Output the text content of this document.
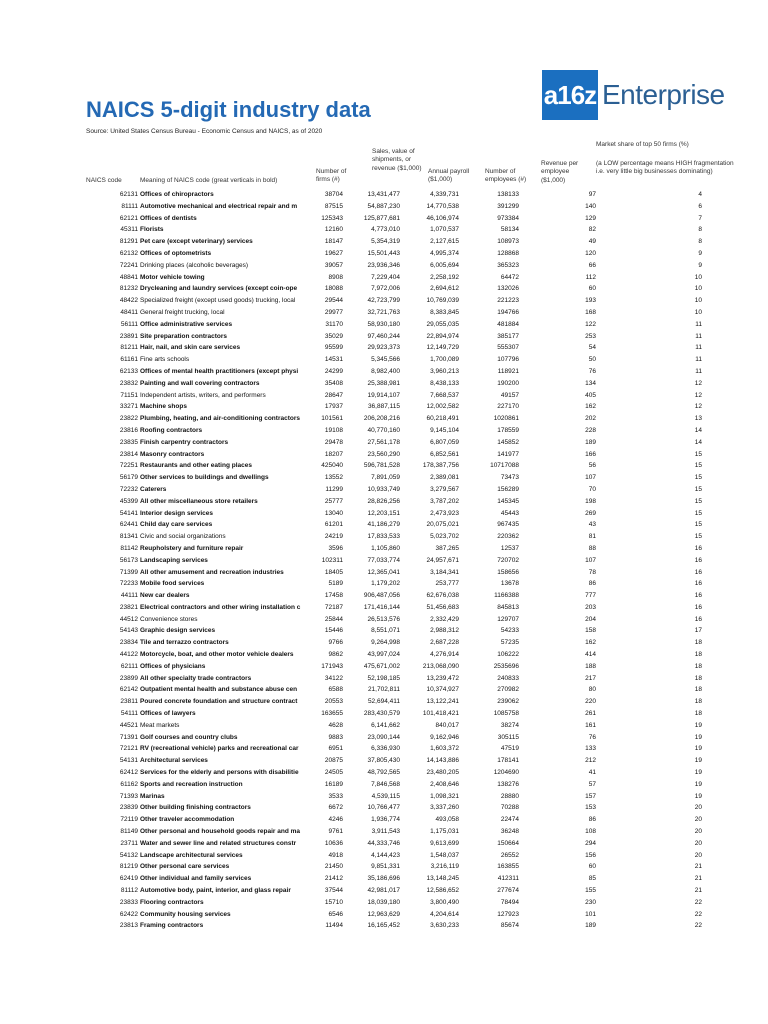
a16z Enterprise
NAICS 5-digit industry data
Source: United States Census Bureau - Economic Census and NAICS, as of 2020
Market share of top 50 firms (%)
(a LOW percentage means HIGH fragmentation i.e. very little big businesses dominating)
Sales, value of shipments, or revenue ($1,000)
Revenue per employee ($1,000)
Number of firms (#)
Annual payroll ($1,000)
Number of employees (#)
NAICS code	Meaning of NAICS code (great verticals in bold)
62131 Offices of chiropractors	38704	13,431,477	4,339,731	138133	97	4
81111 Automotive mechanical and electrical repair and m	87515	54,887,230	14,770,538	391299	140	6
62121 Offices of dentists	125343	125,877,681	46,106,974	973384	129	7
45311 Florists	12160	4,773,010	1,070,537	58134	82	8
81291 Pet care (except veterinary) services	18147	5,354,319	2,127,615	108973	49	8
62132 Offices of optometrists	19627	15,501,443	4,995,374	128868	120	9
72241 Drinking places (alcoholic beverages)	39057	23,936,346	6,005,694	365323	66	9
48841 Motor vehicle towing	8908	7,229,404	2,258,192	64472	112	10
81232 Drycleaning and laundry services (except coin-ope	18088	7,972,006	2,694,612	132026	60	10
48422 Specialized freight (except used goods) trucking, local	29544	42,723,799	10,769,039	221223	193	10
48411 General freight trucking, local	29977	32,721,763	8,383,845	194766	168	10
56111 Office administrative services	31170	58,930,180	29,055,035	481884	122	11
23891 Site preparation contractors	35029	97,460,244	22,894,974	385177	253	11
81211 Hair, nail, and skin care services	95599	29,923,373	12,149,729	555307	54	11
61161 Fine arts schools	14531	5,345,566	1,700,089	107796	50	11
62133 Offices of mental health practitioners (except physi	24299	8,982,400	3,960,213	118921	76	11
23832 Painting and wall covering contractors	35408	25,388,981	8,438,133	190200	134	12
71151 Independent artists, writers, and performers	28647	19,914,107	7,668,537	49157	405	12
33271 Machine shops	17937	36,887,115	12,002,582	227170	162	12
23822 Plumbing, heating, and air-conditioning contractors	101561	206,208,216	60,218,491	1020861	202	13
23816 Roofing contractors	19108	40,770,160	9,145,104	178559	228	14
23835 Finish carpentry contractors	29478	27,561,178	6,807,059	145852	189	14
23814 Masonry contractors	18207	23,560,290	6,852,561	141977	166	15
72251 Restaurants and other eating places	425040	596,781,528	178,387,756	10717088	56	15
56179 Other services to buildings and dwellings	13552	7,891,059	2,389,081	73473	107	15
72232 Caterers	11299	10,933,749	3,279,567	156289	70	15
45399 All other miscellaneous store retailers	25777	28,826,256	3,787,202	145345	198	15
54141 Interior design services	13040	12,203,151	2,473,923	45443	269	15
62441 Child day care services	61201	41,186,279	20,075,021	967435	43	15
81341 Civic and social organizations	24219	17,833,533	5,023,702	220362	81	15
81142 Reupholstery and furniture repair	3596	1,105,860	387,265	12537	88	16
56173 Landscaping services	102311	77,033,774	24,957,671	720702	107	16
71399 All other amusement and recreation industries	18405	12,365,041	3,184,341	158656	78	16
72233 Mobile food services	5189	1,179,202	253,777	13678	86	16
44111 New car dealers	17458	906,487,056	62,676,038	1166388	777	16
23821 Electrical contractors and other wiring installation c	72187	171,416,144	51,456,683	845813	203	16
44512 Convenience stores	25844	26,513,576	2,332,429	129707	204	16
54143 Graphic design services	15446	8,551,071	2,988,312	54233	158	17
23834 Tile and terrazzo contractors	9766	9,264,998	2,687,228	57235	162	18
44122 Motorcycle, boat, and other motor vehicle dealers	9862	43,997,024	4,276,914	106222	414	18
62111 Offices of physicians	171943	475,671,002	213,068,090	2535696	188	18
23899 All other specialty trade contractors	34122	52,198,185	13,239,472	240833	217	18
62142 Outpatient mental health and substance abuse cen	6588	21,702,811	10,374,927	270982	80	18
23811 Poured concrete foundation and structure contract	20553	52,694,411	13,122,241	239062	220	18
54111 Offices of lawyers	163655	283,430,579	101,418,421	1085758	261	18
44521 Meat markets	4628	6,141,662	840,017	38274	161	19
71391 Golf courses and country clubs	9883	23,090,144	9,162,946	305115	76	19
72121 RV (recreational vehicle) parks and recreational car	6951	6,336,930	1,603,372	47519	133	19
54131 Architectural services	20875	37,805,430	14,143,886	178141	212	19
62412 Services for the elderly and persons with disabilitie	24505	48,792,565	23,480,205	1204690	41	19
61162 Sports and recreation instruction	16189	7,846,568	2,408,646	138276	57	19
71393 Marinas	3533	4,539,115	1,098,321	28880	157	19
23839 Other building finishing contractors	6672	10,766,477	3,337,260	70288	153	20
72119 Other traveler accommodation	4246	1,936,774	493,058	22474	86	20
81149 Other personal and household goods repair and ma	9761	3,911,543	1,175,031	36248	108	20
23711 Water and sewer line and related structures constr	10636	44,333,746	9,613,699	150664	294	20
54132 Landscape architectural services	4918	4,144,423	1,548,037	26552	156	20
81219 Other personal care services	21450	9,851,331	3,216,119	163855	60	21
62419 Other individual and family services	21412	35,186,696	13,148,245	412311	85	21
81112 Automotive body, paint, interior, and glass repair	37544	42,981,017	12,586,652	277674	155	21
23833 Flooring contractors	15710	18,039,180	3,800,490	78494	230	22
62422 Community housing services	6546	12,963,629	4,204,614	127923	101	22
23813 Framing contractors	11494	16,165,452	3,630,233	85674	189	22
